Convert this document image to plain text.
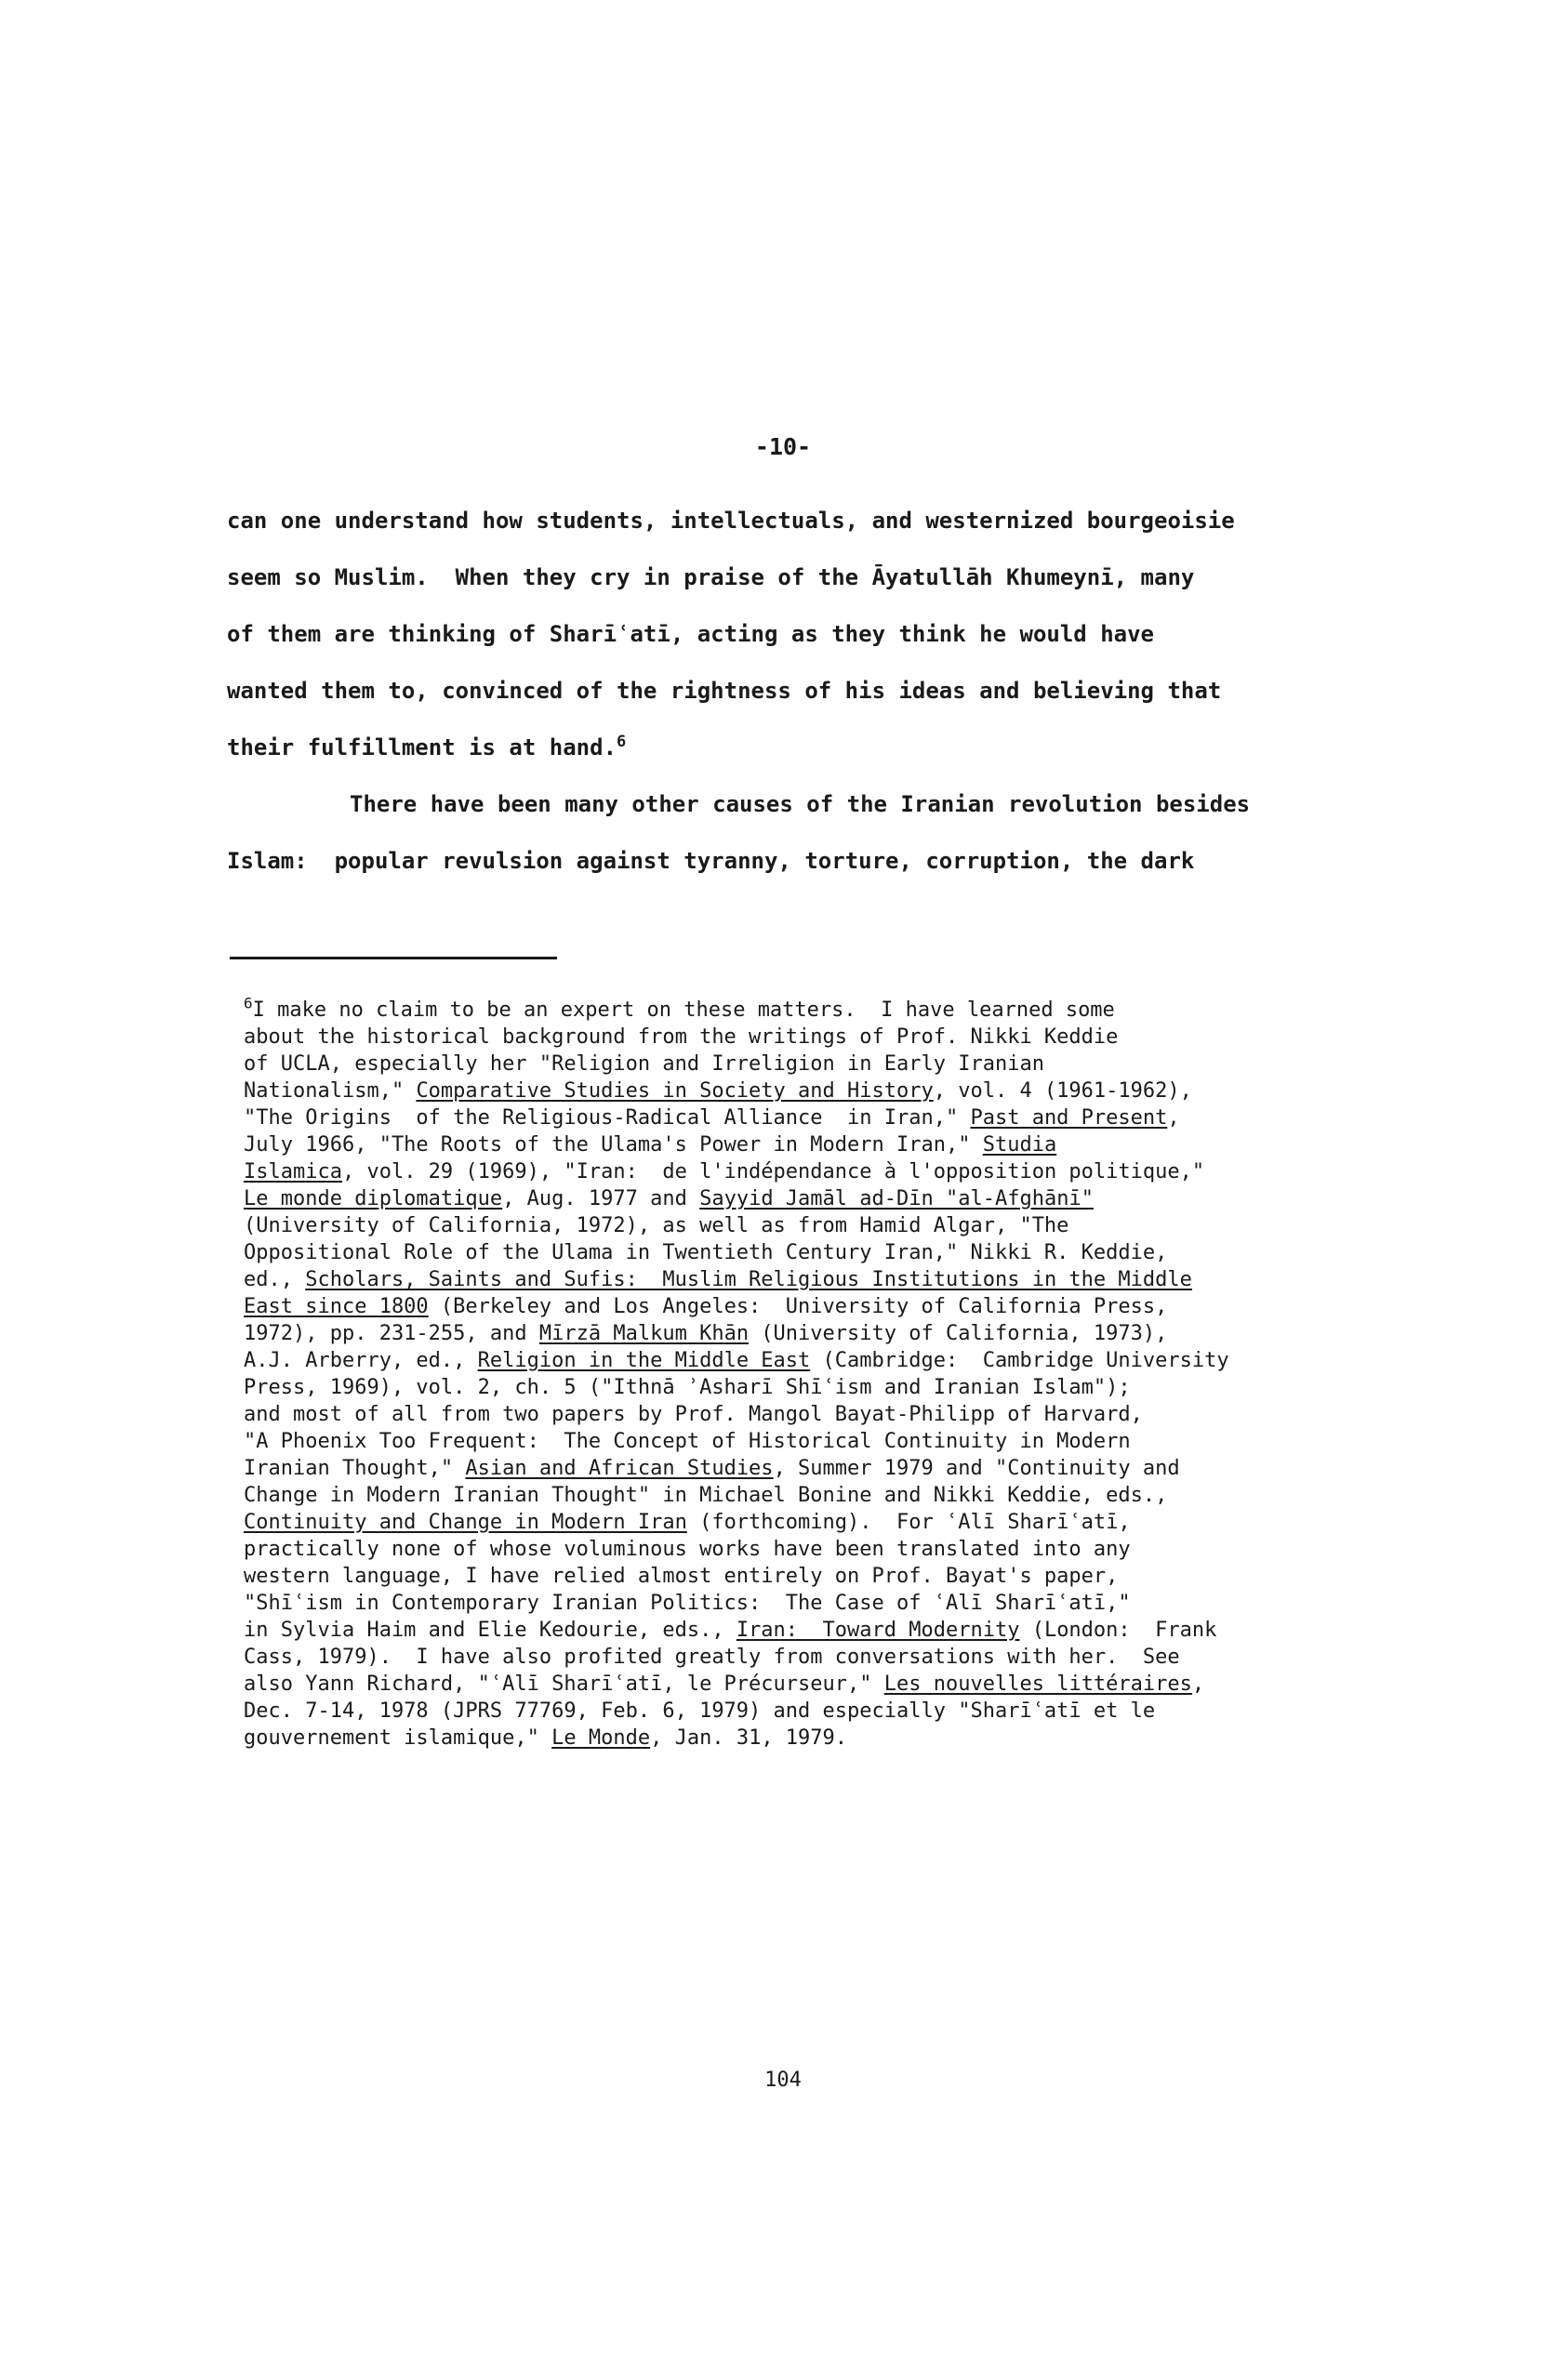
-10-
can one understand how students, intellectuals, and westernized bourgeoisie
seem so Muslim.  When they cry in praise of the Āyatullāh Khumeynī, many
of them are thinking of Sharīʿatī, acting as they think he would have
wanted them to, convinced of the rightness of his ideas and believing that
their fulfillment is at hand.$^6$
There have been many other causes of the Iranian revolution besides
Islam:  popular revulsion against tyranny, torture, corruption, the dark
$^6$I make no claim to be an expert on these matters.  I have learned some
about the historical background from the writings of Prof. Nikki Keddie
of UCLA, especially her "Religion and Irreligion in Early Iranian
Nationalism," Comparative Studies in Society and History, vol. 4 (1961-1962),
"The Origins  of the Religious-Radical Alliance  in Iran," Past and Present,
July 1966, "The Roots of the Ulama's Power in Modern Iran," Studia
Islamica, vol. 29 (1969), "Iran:  de l'indépendance à l'opposition politique,"
Le monde diplomatique, Aug. 1977 and Sayyid Jamāl ad-Dīn "al-Afghānī"
(University of California, 1972), as well as from Hamid Algar, "The
Oppositional Role of the Ulama in Twentieth Century Iran," Nikki R. Keddie,
ed., Scholars, Saints and Sufis:  Muslim Religious Institutions in the Middle
East since 1800 (Berkeley and Los Angeles:  University of California Press,
1972), pp. 231-255, and Mīrzā Malkum Khān (University of California, 1973),
A.J. Arberry, ed., Religion in the Middle East (Cambridge:  Cambridge University
Press, 1969), vol. 2, ch. 5 ("Ithnā ʾAsharī Shīʿism and Iranian Islam");
and most of all from two papers by Prof. Mangol Bayat-Philipp of Harvard,
"A Phoenix Too Frequent:  The Concept of Historical Continuity in Modern
Iranian Thought," Asian and African Studies, Summer 1979 and "Continuity and
Change in Modern Iranian Thought" in Michael Bonine and Nikki Keddie, eds.,
Continuity and Change in Modern Iran (forthcoming).  For ʿAlī Sharīʿatī,
practically none of whose voluminous works have been translated into any
western language, I have relied almost entirely on Prof. Bayat's paper,
"Shīʿism in Contemporary Iranian Politics:  The Case of ʿAlī Sharīʿatī,"
in Sylvia Haim and Elie Kedourie, eds., Iran:  Toward Modernity (London:  Frank
Cass, 1979).  I have also profited greatly from conversations with her.  See
also Yann Richard, "ʿAlī Sharīʿatī, le Précurseur," Les nouvelles littéraires,
Dec. 7-14, 1978 (JPRS 77769, Feb. 6, 1979) and especially "Sharīʿatī et le
gouvernement islamique," Le Monde, Jan. 31, 1979.
104
